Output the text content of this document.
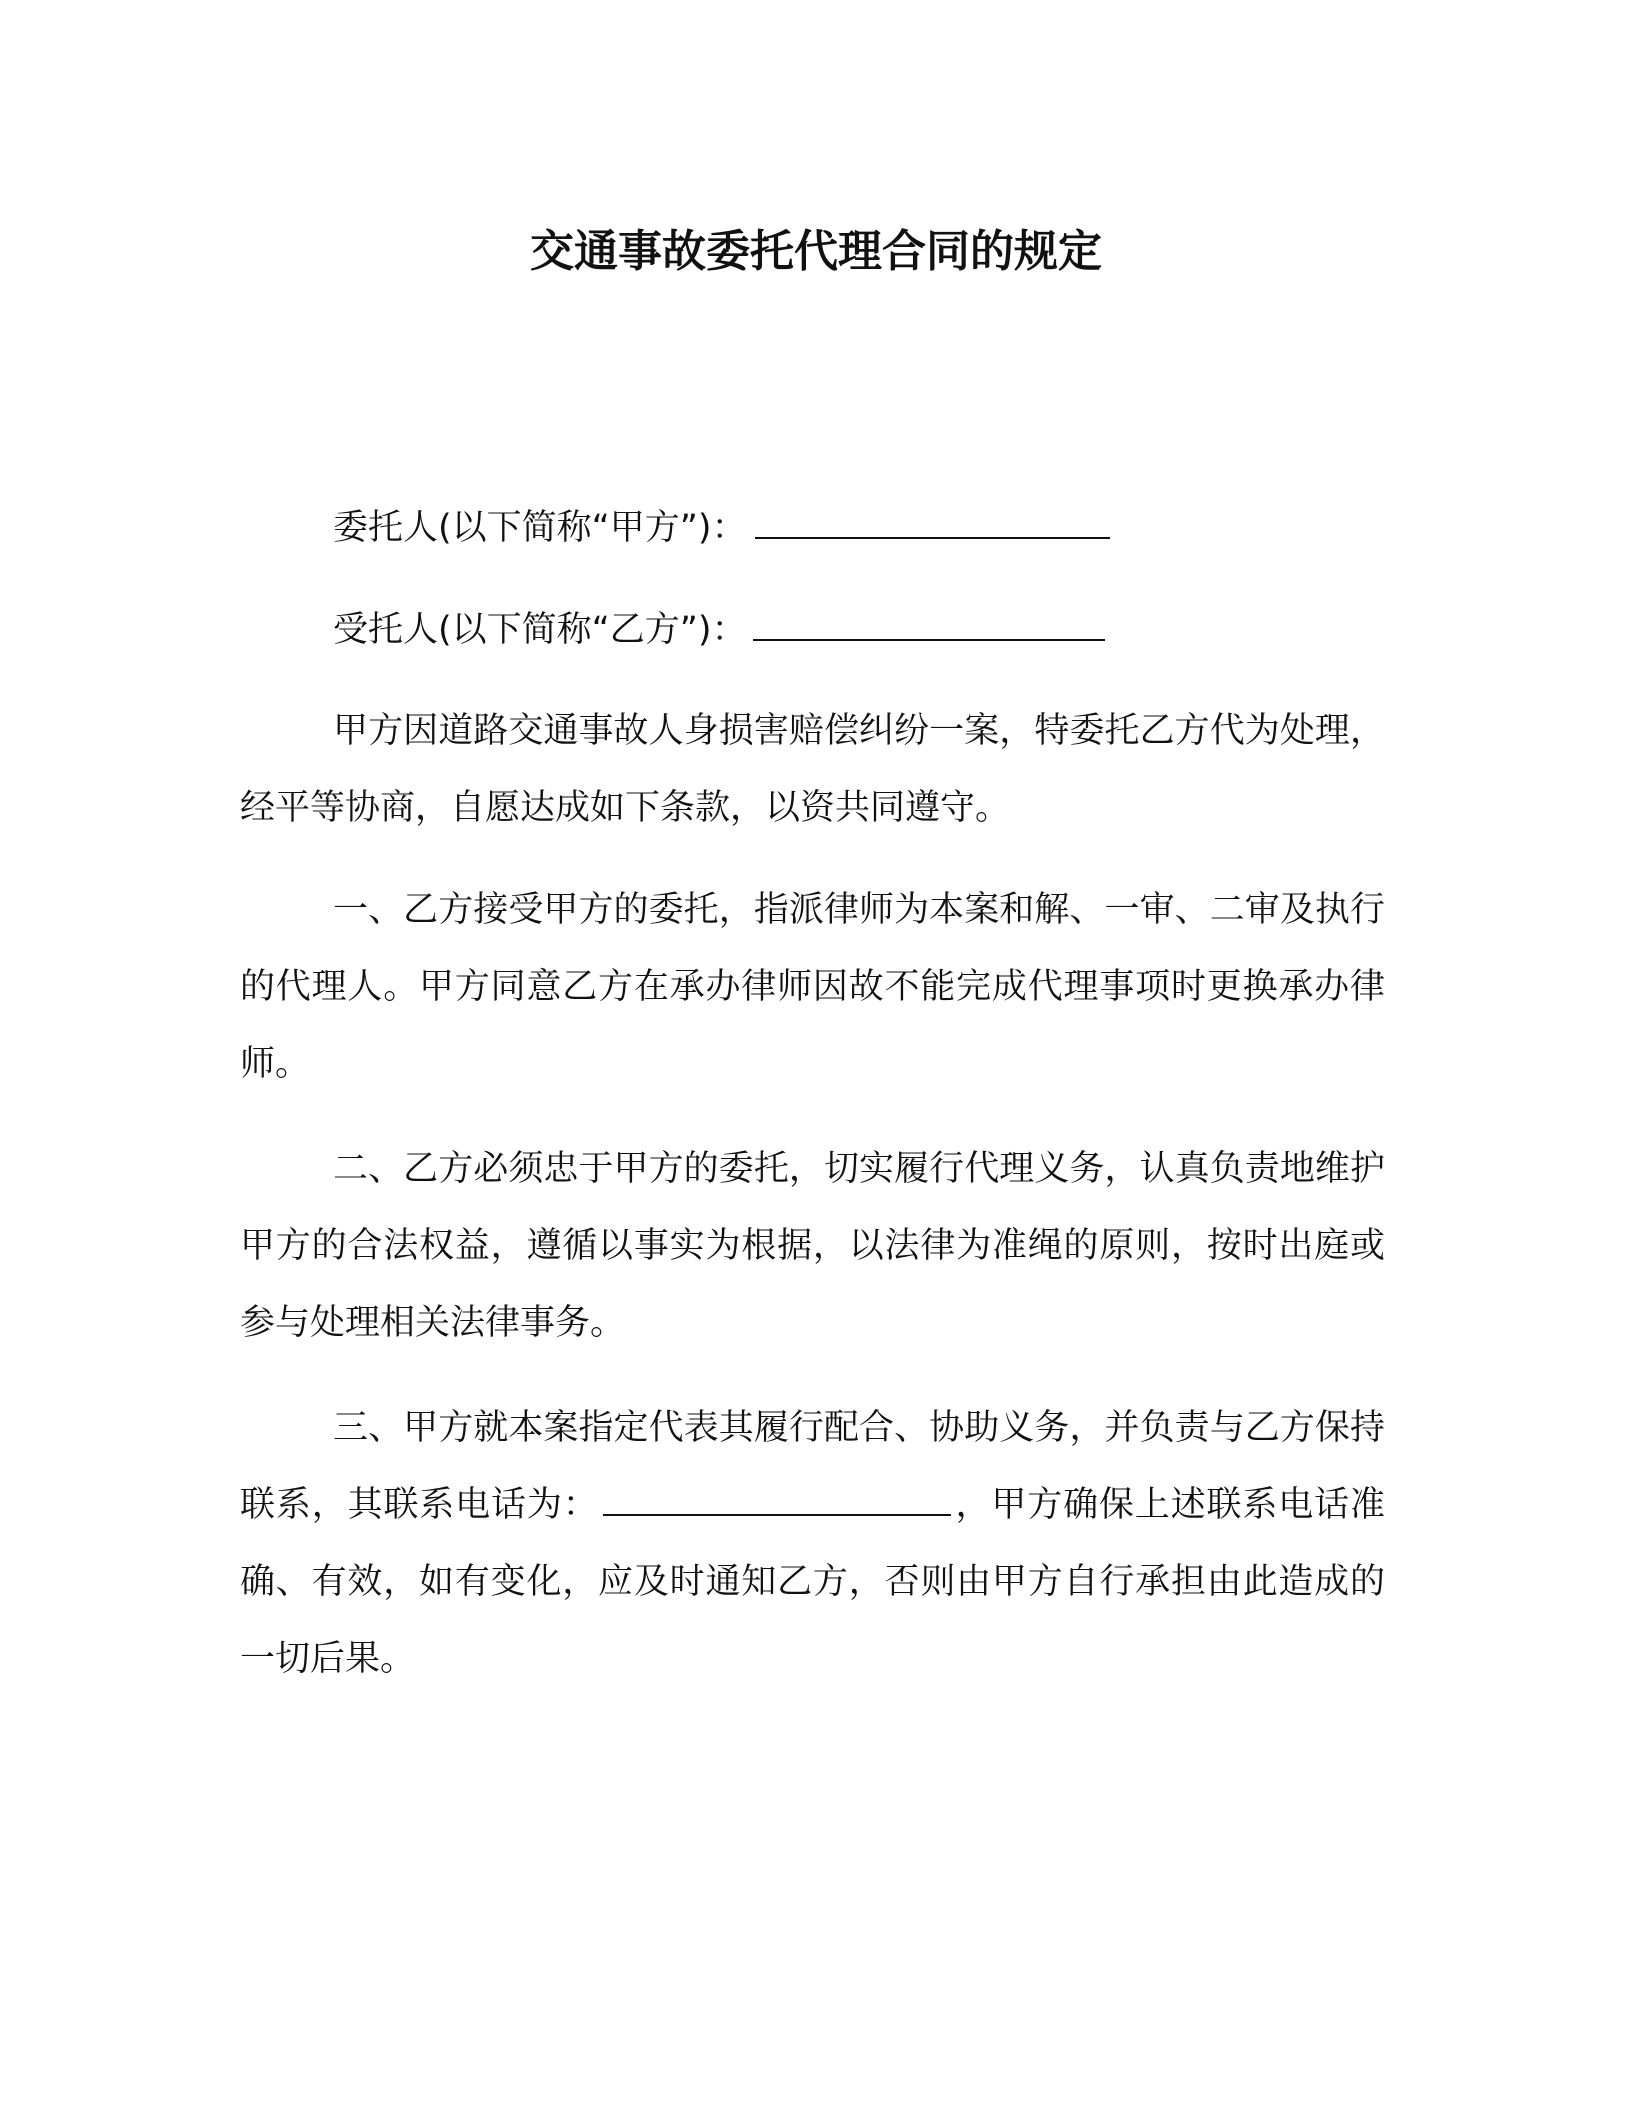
交通事故委托代理合同的规定
委托人(以下简称“甲方”)：
受托人(以下简称“乙方”)：

甲方因道路交通事故人身损害赔偿纠纷一案，特委托乙方代为处理，经平等协商，自愿达成如下条款，以资共同遵守。

一、乙方接受甲方的委托，指派律师为本案和解、一审、二审及执行的代理人。甲方同意乙方在承办律师因故不能完成代理事项时更换承办律师。

二、乙方必须忠于甲方的委托，切实履行代理义务，认真负责地维护甲方的合法权益，遵循以事实为根据，以法律为准绳的原则，按时出庭或参与处理相关法律事务。

三、甲方就本案指定代表其履行配合、协助义务，并负责与乙方保持联系，其联系电话为：	，甲方确保上述联系电话准确、有效，如有变化，应及时通知乙方，否则由甲方自行承担由此造成的一切后果。
